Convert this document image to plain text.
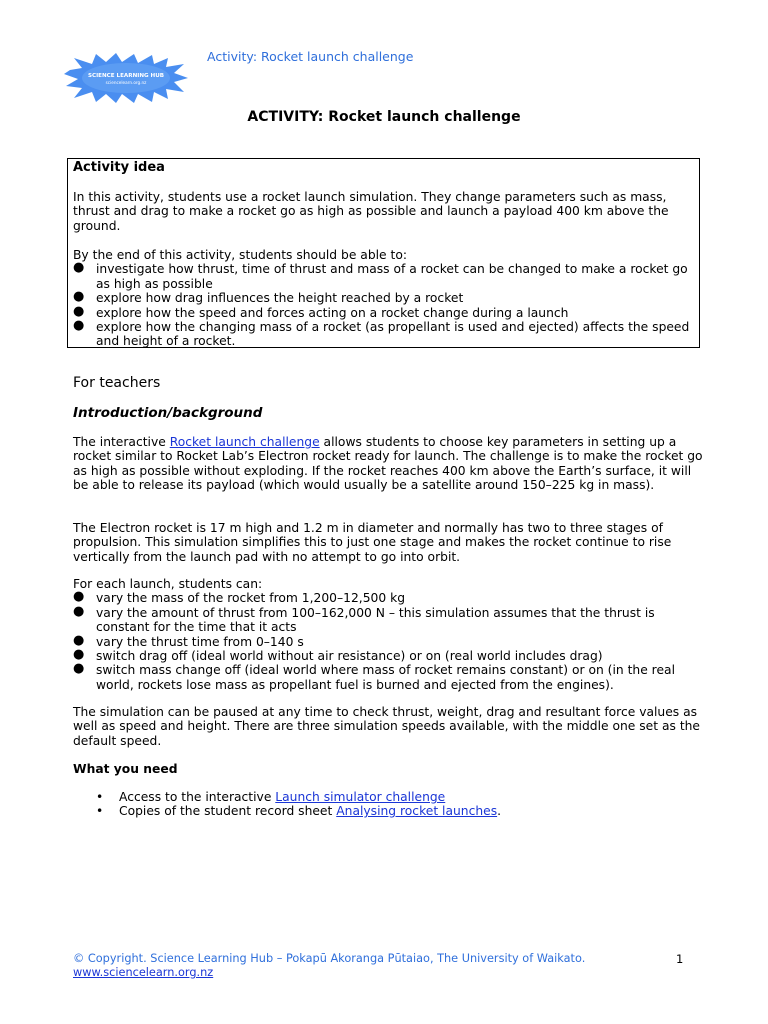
SCIENCE LEARNING HUB
sciencelearn.org.nz
Activity: Rocket launch challenge
ACTIVITY: Rocket launch challenge
Activity idea
In this activity, students use a rocket launch simulation. They change parameters such as mass, thrust and drag to make a rocket go as high as possible and launch a payload 400 km above the ground.
By the end of this activity, students should be able to:
● investigate how thrust, time of thrust and mass of a rocket can be changed to make a rocket go as high as possible
● explore how drag influences the height reached by a rocket
● explore how the speed and forces acting on a rocket change during a launch
● explore how the changing mass of a rocket (as propellant is used and ejected) affects the speed and height of a rocket.
For teachers
Introduction/background
The interactive Rocket launch challenge allows students to choose key parameters in setting up a rocket similar to Rocket Lab’s Electron rocket ready for launch. The challenge is to make the rocket go as high as possible without exploding. If the rocket reaches 400 km above the Earth’s surface, it will be able to release its payload (which would usually be a satellite around 150–225 kg in mass).
The Electron rocket is 17 m high and 1.2 m in diameter and normally has two to three stages of propulsion. This simulation simplifies this to just one stage and makes the rocket continue to rise vertically from the launch pad with no attempt to go into orbit.
For each launch, students can:
● vary the mass of the rocket from 1,200–12,500 kg
● vary the amount of thrust from 100–162,000 N – this simulation assumes that the thrust is constant for the time that it acts
● vary the thrust time from 0–140 s
● switch drag off (ideal world without air resistance) or on (real world includes drag)
● switch mass change off (ideal world where mass of rocket remains constant) or on (in the real world, rockets lose mass as propellant fuel is burned and ejected from the engines).
The simulation can be paused at any time to check thrust, weight, drag and resultant force values as well as speed and height. There are three simulation speeds available, with the middle one set as the default speed.
What you need
• Access to the interactive Launch simulator challenge
• Copies of the student record sheet Analysing rocket launches.
© Copyright. Science Learning Hub – Pokapū Akoranga Pūtaiao, The University of Waikato.
www.sciencelearn.org.nz
1
